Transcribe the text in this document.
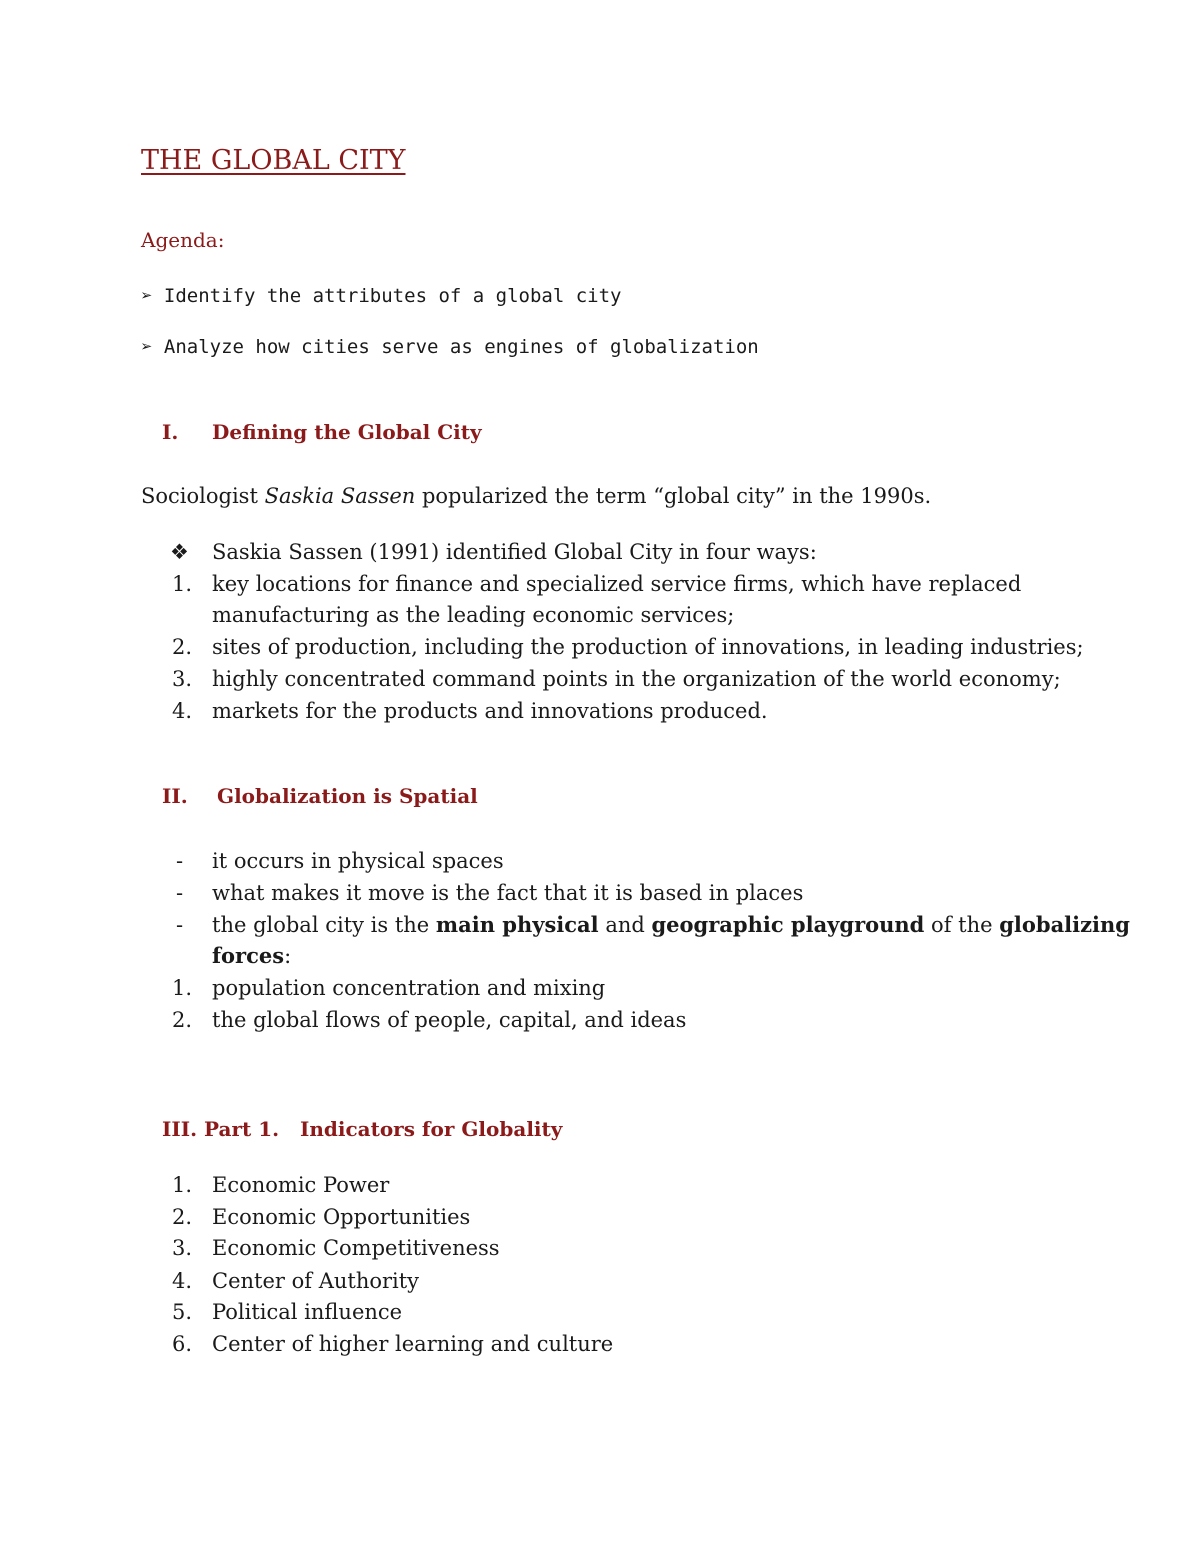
THE GLOBAL CITY
Agenda:
➢ Identify the attributes of a global city
➢ Analyze how cities serve as engines of globalization
I. Defining the Global City
Sociologist Saskia Sassen popularized the term “global city” in the 1990s.
❖ Saskia Sassen (1991) identified Global City in four ways:
1. key locations for finance and specialized service firms, which have replaced
manufacturing as the leading economic services;
2. sites of production, including the production of innovations, in leading industries;
3. highly concentrated command points in the organization of the world economy;
4. markets for the products and innovations produced.
II. Globalization is Spatial
- it occurs in physical spaces
- what makes it move is the fact that it is based in places
- the global city is the main physical and geographic playground of the globalizing
forces:
1. population concentration and mixing
2. the global flows of people, capital, and ideas
III. Part 1.   Indicators for Globality
1. Economic Power
2. Economic Opportunities
3. Economic Competitiveness
4. Center of Authority
5. Political influence
6. Center of higher learning and culture
